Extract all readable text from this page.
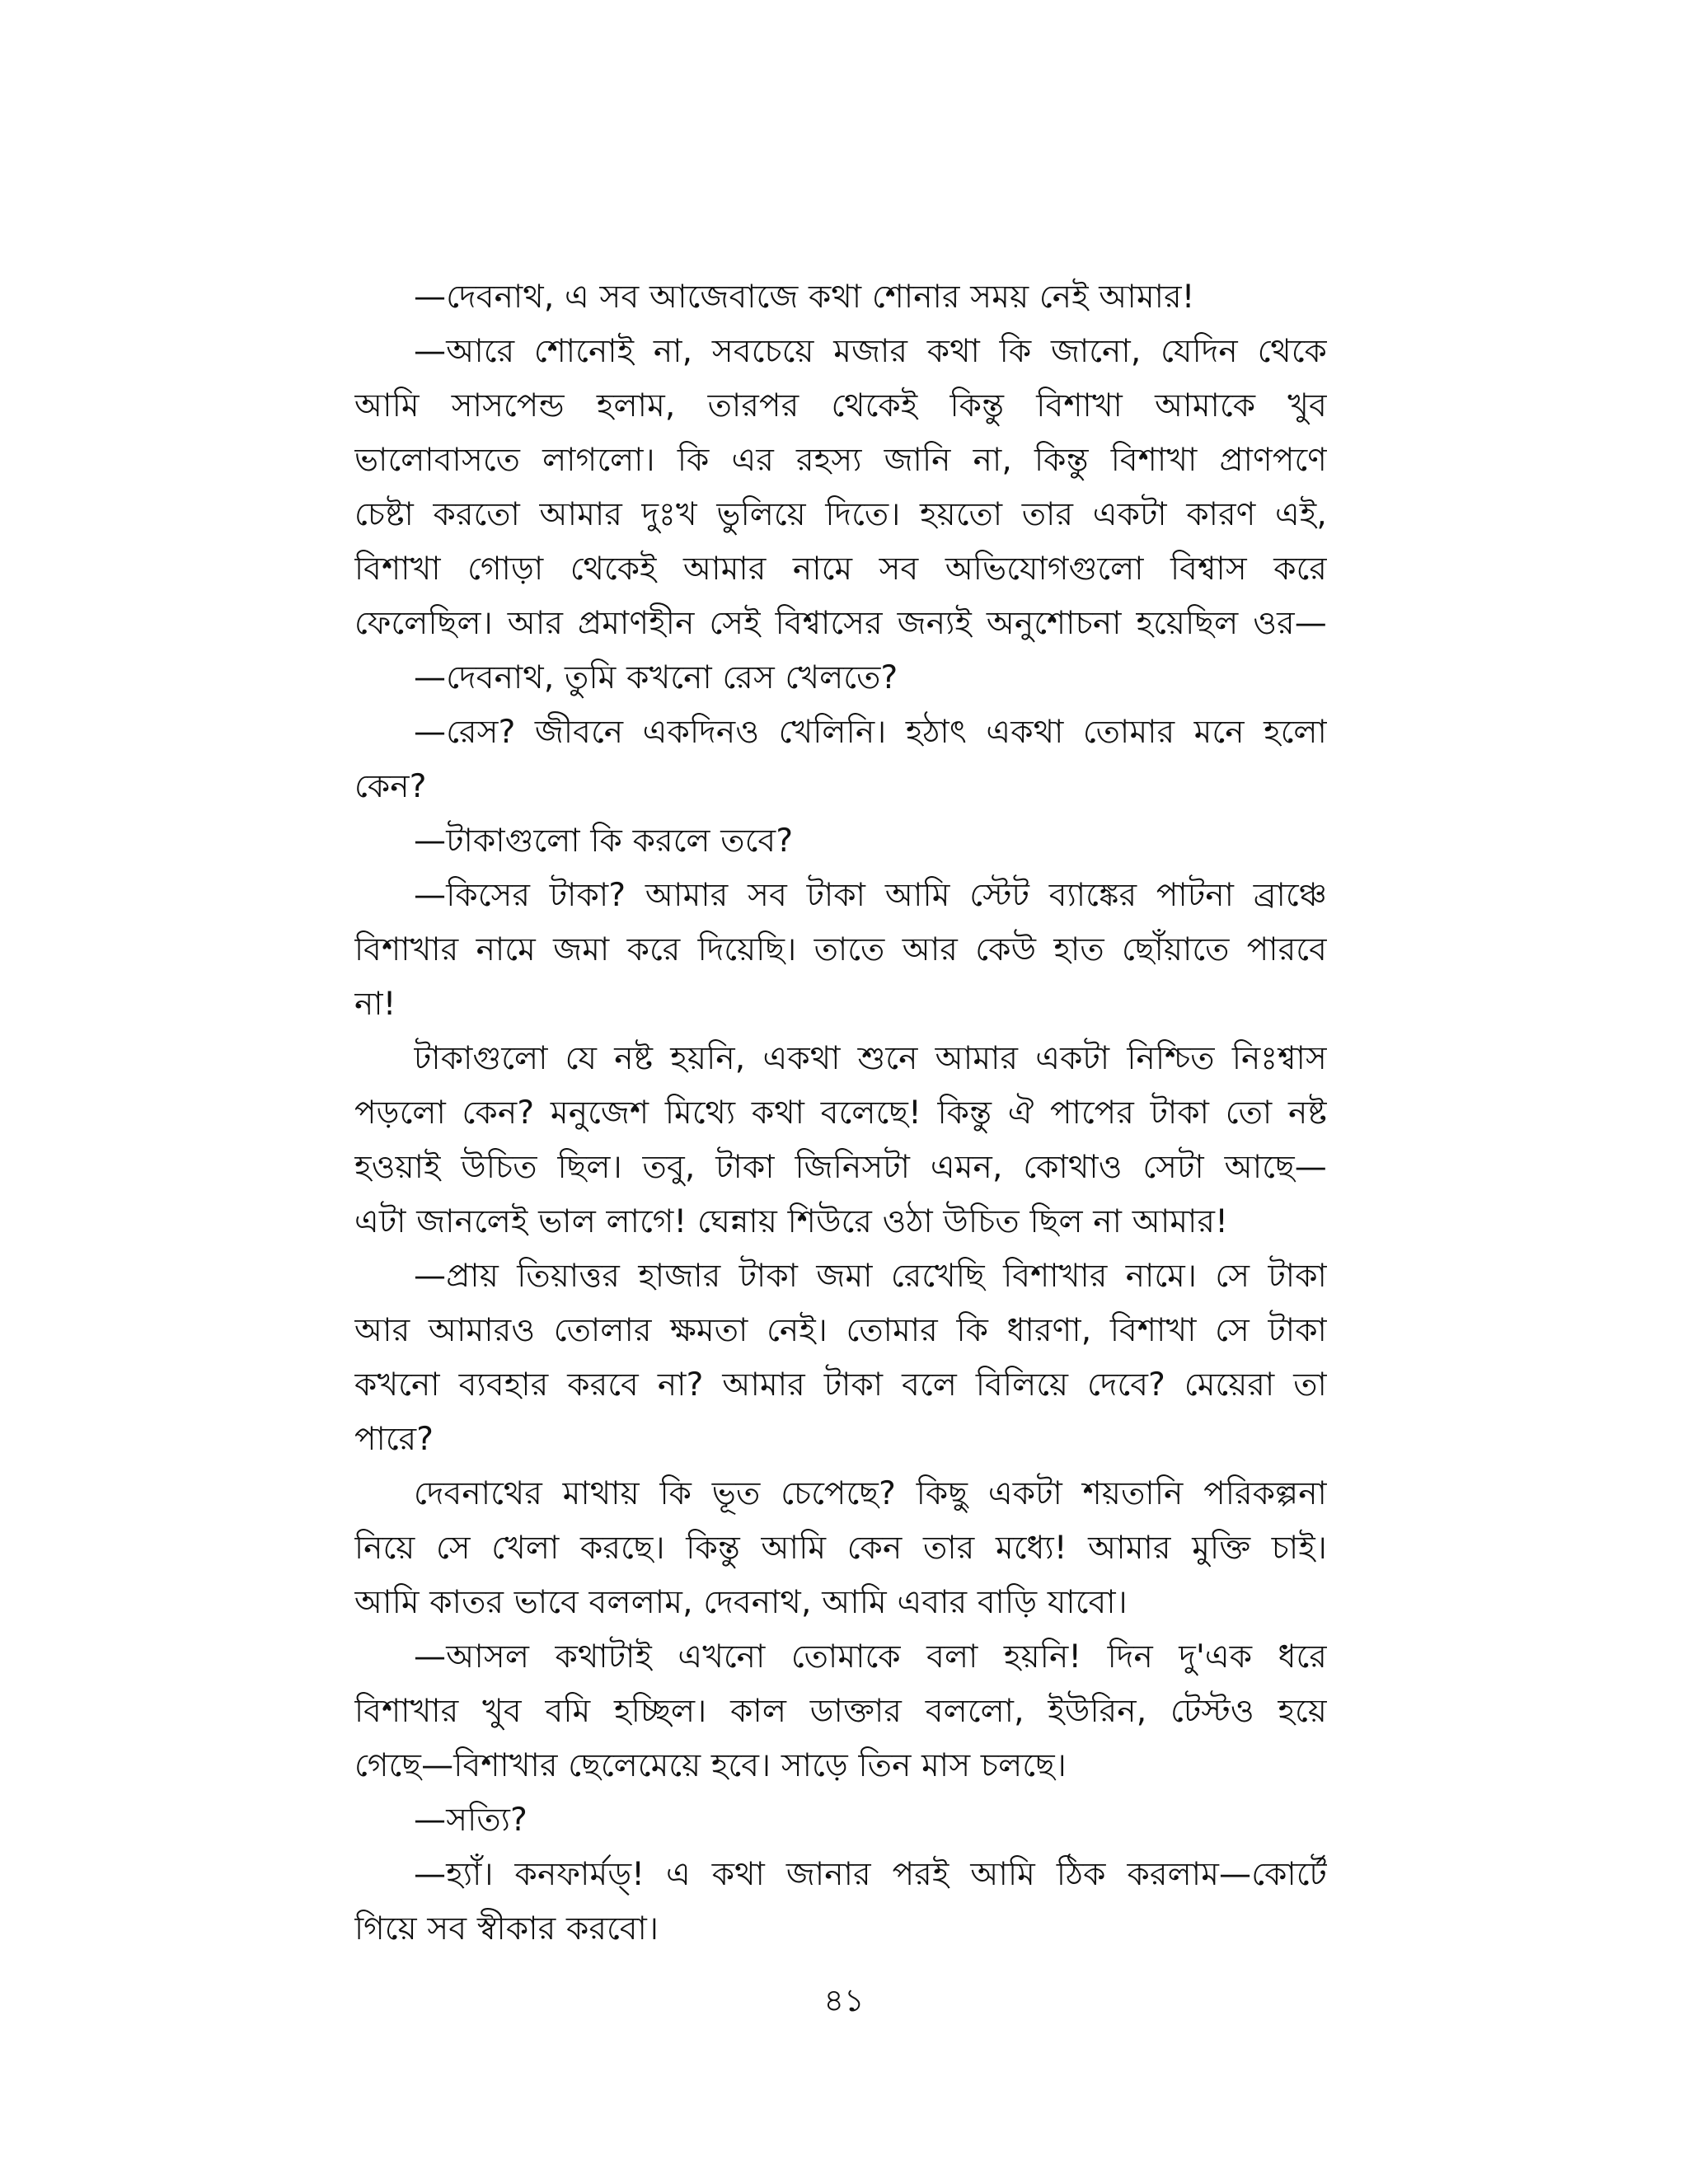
—দেবনাথ, এ সব আজেবাজে কথা শোনার সময় নেই আমার!
—আরে শোনোই না, সবচেয়ে মজার কথা কি জানো, যেদিন থেকে
আমি সাসপেন্ড হলাম, তারপর থেকেই কিন্তু বিশাখা আমাকে খুব
ভালোবাসতে লাগলো। কি এর রহস্য জানি না, কিন্তু বিশাখা প্রাণপণে
চেষ্টা করতো আমার দুঃখ ভুলিয়ে দিতে। হয়তো তার একটা কারণ এই,
বিশাখা গোড়া থেকেই আমার নামে সব অভিযোগগুলো বিশ্বাস করে
ফেলেছিল। আর প্রমাণহীন সেই বিশ্বাসের জন্যই অনুশোচনা হয়েছিল ওর—
—দেবনাথ, তুমি কখনো রেস খেলতে?
—রেস? জীবনে একদিনও খেলিনি। হঠাৎ একথা তোমার মনে হলো
কেন?
—টাকাগুলো কি করলে তবে?
—কিসের টাকা? আমার সব টাকা আমি স্টেট ব্যাঙ্কের পাটনা ব্রাঞ্চে
বিশাখার নামে জমা করে দিয়েছি। তাতে আর কেউ হাত ছোঁয়াতে পারবে
না!
টাকাগুলো যে নষ্ট হয়নি, একথা শুনে আমার একটা নিশ্চিত নিঃশ্বাস
পড়লো কেন? মনুজেশ মিথ্যে কথা বলেছে! কিন্তু ঐ পাপের টাকা তো নষ্ট
হওয়াই উচিত ছিল। তবু, টাকা জিনিসটা এমন, কোথাও সেটা আছে—
এটা জানলেই ভাল লাগে! ঘেন্নায় শিউরে ওঠা উচিত ছিল না আমার!
—প্রায় তিয়াত্তর হাজার টাকা জমা রেখেছি বিশাখার নামে। সে টাকা
আর আমারও তোলার ক্ষমতা নেই। তোমার কি ধারণা, বিশাখা সে টাকা
কখনো ব্যবহার করবে না? আমার টাকা বলে বিলিয়ে দেবে? মেয়েরা তা
পারে?
দেবনাথের মাথায় কি ভূত চেপেছে? কিছু একটা শয়তানি পরিকল্পনা
নিয়ে সে খেলা করছে। কিন্তু আমি কেন তার মধ্যে! আমার মুক্তি চাই।
আমি কাতর ভাবে বললাম, দেবনাথ, আমি এবার বাড়ি যাবো।
—আসল কথাটাই এখনো তোমাকে বলা হয়নি! দিন দু'এক ধরে
বিশাখার খুব বমি হচ্ছিল। কাল ডাক্তার বললো, ইউরিন, টেস্টও হয়ে
গেছে—বিশাখার ছেলেমেয়ে হবে। সাড়ে তিন মাস চলছে।
—সত্যি?
—হ্যাঁ। কনফার্মড্! এ কথা জানার পরই আমি ঠিক করলাম—কোর্টে
গিয়ে সব স্বীকার করবো।
৪১
